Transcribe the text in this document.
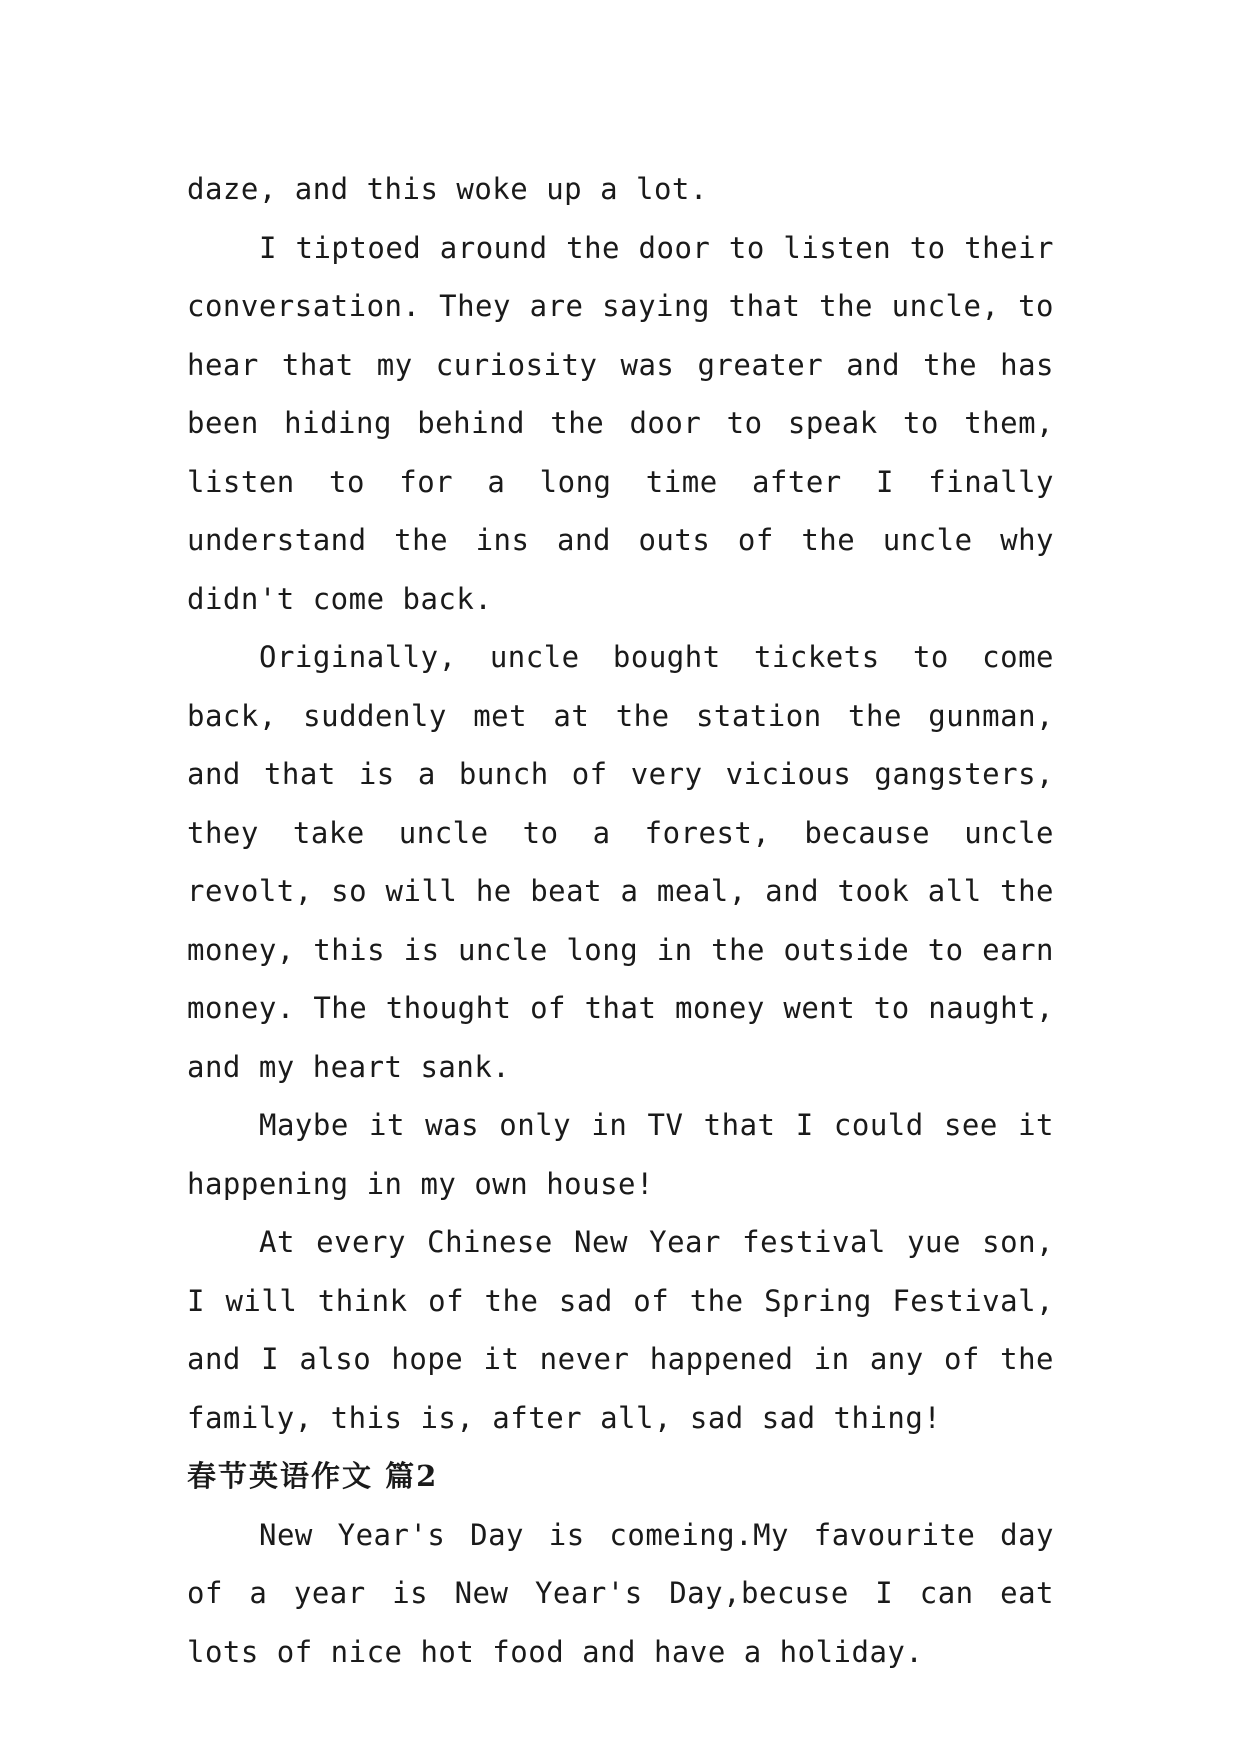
daze, and this woke up a lot.

I tiptoed around the door to listen to their conversation. They are saying that the uncle, to hear that my curiosity was greater and the has been hiding behind the door to speak to them, listen to for a long time after I finally understand the ins and outs of the uncle why didn't come back.

Originally, uncle bought tickets to come back, suddenly met at the station the gunman, and that is a bunch of very vicious gangsters, they take uncle to a forest, because uncle revolt, so will he beat a meal, and took all the money, this is uncle long in the outside to earn money. The thought of that money went to naught, and my heart sank.

Maybe it was only in TV that I could see it happening in my own house!

At every Chinese New Year festival yue son, I will think of the sad of the Spring Festival, and I also hope it never happened in any of the family, this is, after all, sad sad thing!

春节英语作文 篇2

New Year's Day is comeing.My favourite day of a year is New Year's Day,becuse I can eat lots of nice hot food and have a holiday.
